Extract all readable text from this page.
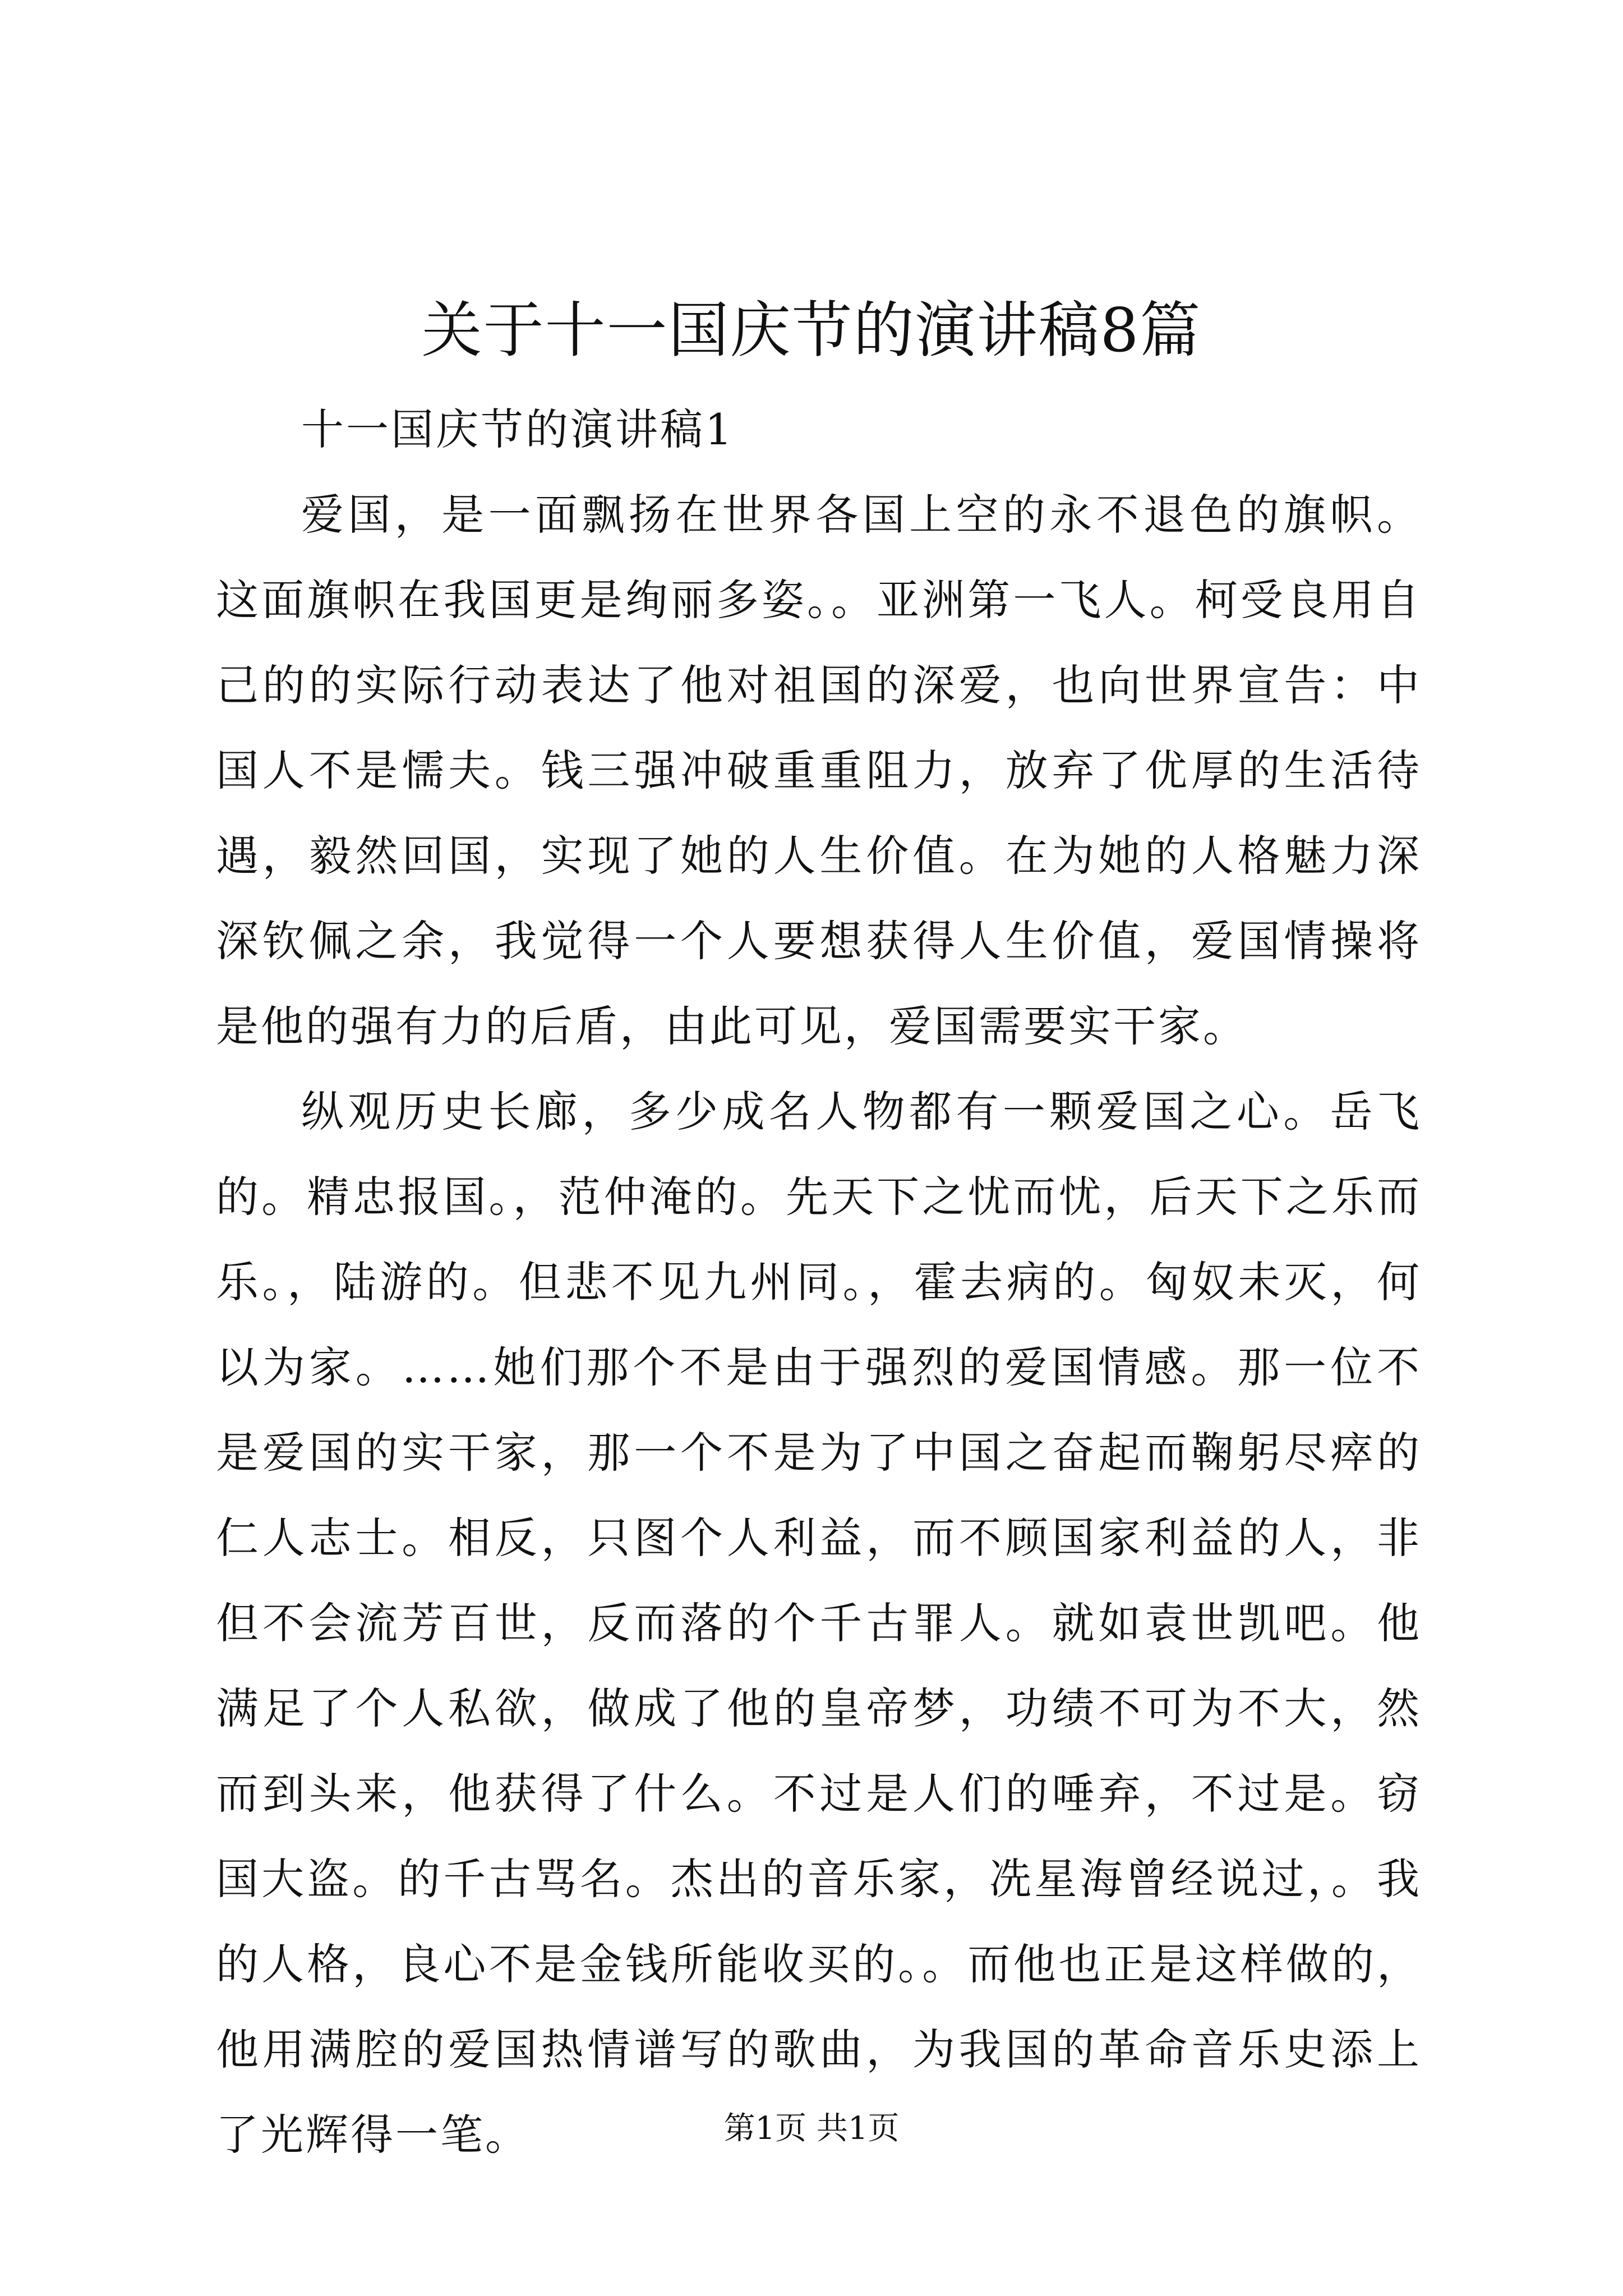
关于十一国庆节的演讲稿8篇

十一国庆节的演讲稿1

爱国，是一面飘扬在世界各国上空的永不退色的旗帜。这面旗帜在我国更是绚丽多姿。。亚洲第一飞人。柯受良用自己的的实际行动表达了他对祖国的深爱，也向世界宣告：中国人不是懦夫。钱三强冲破重重阻力，放弃了优厚的生活待遇，毅然回国，实现了她的人生价值。在为她的人格魅力深深钦佩之余，我觉得一个人要想获得人生价值，爱国情操将是他的强有力的后盾，由此可见，爱国需要实干家。

纵观历史长廊，多少成名人物都有一颗爱国之心。岳飞的。精忠报国。，范仲淹的。先天下之忧而忧，后天下之乐而乐。，陆游的。但悲不见九州同。，霍去病的。匈奴未灭，何以为家。……她们那个不是由于强烈的爱国情感。那一位不是爱国的实干家，那一个不是为了中国之奋起而鞠躬尽瘁的仁人志士。相反，只图个人利益，而不顾国家利益的人，非但不会流芳百世，反而落的个千古罪人。就如袁世凯吧。他满足了个人私欲，做成了他的皇帝梦，功绩不可为不大，然而到头来，他获得了什么。不过是人们的唾弃，不过是。窃国大盗。的千古骂名。杰出的音乐家，冼星海曾经说过，。我的人格，良心不是金钱所能收买的。。而他也正是这样做的，他用满腔的爱国热情谱写的歌曲，为我国的革命音乐史添上了光辉得一笔。	第1页 共1页
